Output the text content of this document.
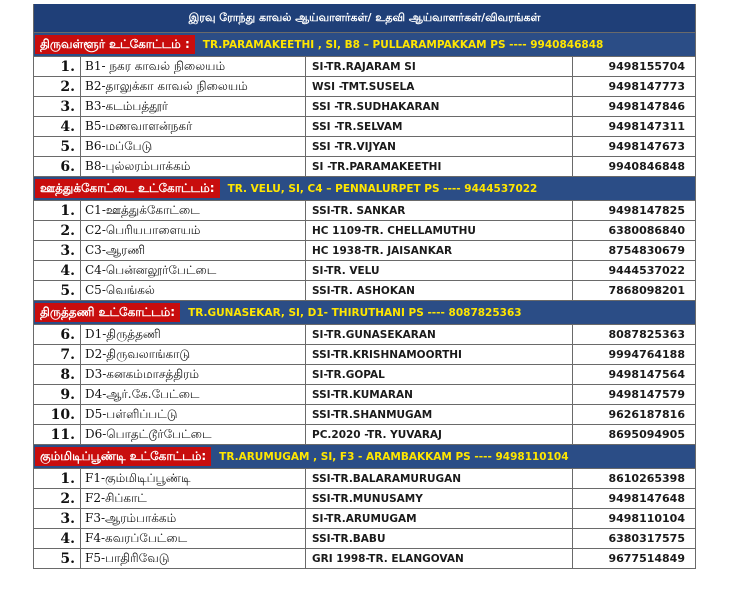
இரவு ரோந்து காவல் ஆய்வாளர்கள்/ உதவி ஆய்வாளர்கள்/விவரங்கள்
திருவள்ளூர் உட்கோட்டம் :	TR.PARAMAKEETHI , SI, B8 – PULLARAMPAKKAM PS ---- 9940846848
1. B1- நகர காவல் நிலையம்	SI-TR.RAJARAM SI	9498155704
2. B2-தாலுக்கா காவல் நிலையம்	WSI -TMT.SUSELA	9498147773
3. B3-கடம்பத்தூர்	SSI -TR.SUDHAKARAN	9498147846
4. B5-மணவாளன்நகர்	SSI -TR.SELVAM	9498147311
5. B6-மப்பேடு	SSI -TR.VIJYAN	9498147673
6. B8-புல்லரம்பாக்கம்	SI -TR.PARAMAKEETHI	9940846848
ஊத்துக்கோட்டை உட்கோட்டம்:	TR. VELU, SI, C4 – PENNALURPET PS ---- 9444537022
1. C1-ஊத்துக்கோட்டை	SSI-TR. SANKAR	9498147825
2. C2-பெரியபாளையம்	HC 1109-TR. CHELLAMUTHU	6380086840
3. C3-ஆரணி	HC 1938-TR. JAISANKAR	8754830679
4. C4-பென்னலூர்பேட்டை	SI-TR. VELU	9444537022
5. C5-வெங்கல்	SSI-TR. ASHOKAN	7868098201
திருத்தணி உட்கோட்டம்:	TR.GUNASEKAR, SI, D1- THIRUTHANI PS ---- 8087825363
6. D1-திருத்தணி	SI-TR.GUNASEKARAN	8087825363
7. D2-திருவலாங்காடு	SSI-TR.KRISHNAMOORTHI	9994764188
8. D3-கனகம்மாசத்திரம்	SI-TR.GOPAL	9498147564
9. D4-ஆர்.கே.பேட்டை	SSI-TR.KUMARAN	9498147579
10. D5-பள்ளிப்பட்டு	SSI-TR.SHANMUGAM	9626187816
11. D6-பொதட்டூர்பேட்டை	PC.2020 -TR. YUVARAJ	8695094905
கும்மிடிப்பூண்டி உட்கோட்டம்:	TR.ARUMUGAM , SI, F3 - ARAMBAKKAM PS ---- 9498110104
1. F1-கும்மிடிப்பூண்டி	SSI-TR.BALARAMURUGAN	8610265398
2. F2-சிப்காட்	SSI-TR.MUNUSAMY	9498147648
3. F3-ஆரம்பாக்கம்	SI-TR.ARUMUGAM	9498110104
4. F4-கவரப்பேட்டை	SSI-TR.BABU	6380317575
5. F5-பாதிரிவேடு	GRI 1998-TR. ELANGOVAN	9677514849
